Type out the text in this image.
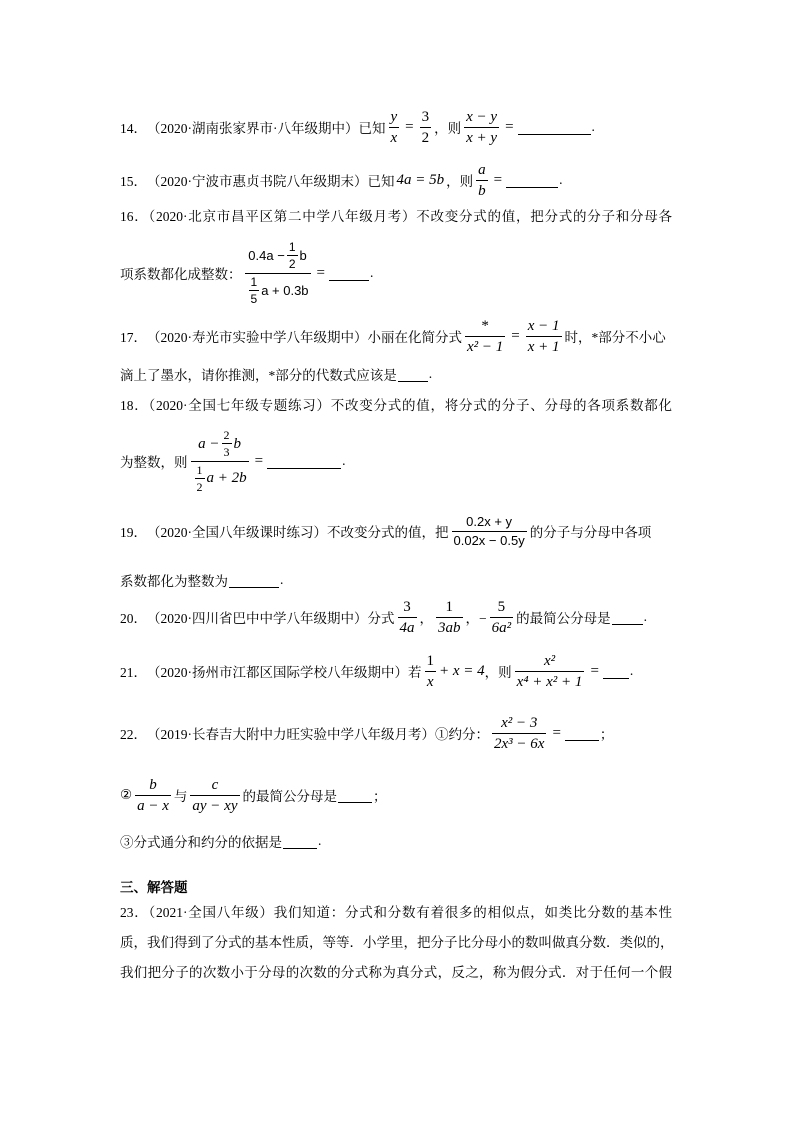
14． （2020·湖南张家界市·八年级期中） 已知 $\frac{y}{x} = \frac{3}{2}$ ，则 $\frac{x - y}{x + y}$ =	.
15． （2020·宁波市惠贞书院八年级期末） 已知 4a = 5b ，则 $\frac{a}{b}$ =	.
16．（2020·北京市昌平区第二中学八年级月考）不改变分式的值，把分式的分子和分母各
项系数都化成整数： $\frac{0.4a - \frac{1}{2} b}{\frac{1}{5} a + 0.3b}$ =	.
17． （2020·寿光市实验中学八年级期中） 小丽在化简分式 $\frac{*}{\text{x² − 1}} = \frac{x - 1}{x + 1}$ 时，*部分不小心
滴上了墨水，请你推测，*部分的代数式应该是 .
18．（2020·全国七年级专题练习）不改变分式的值，将分式的分子、分母的各项系数都化
为整数，则 $\frac{a - \frac{2}{3} b}{\frac{1}{2} a + 2b}$ =	.
19． （2020·全国八年级课时练习） 不改变分式的值，把 $\frac{0.2x + y}{0.02x - 0.5y}$ 的分子与分母中各项
系数都化为整数为	.
20． （2020·四川省巴中中学八年级期中） 分式 $\frac{3}{4a}$ ， $\frac{1}{3ab}$ ，− $\frac{5}{\text{6a²}}$ 的最简公分母是 .
21． （2020·扬州市江都区国际学校八年级期中） 若 $\frac{1}{x} + x = 4$ ，则 $\frac{\text{x²}}{\text{x⁴ + x² + 1}}$ = .
22． （2019·长春吉大附中力旺实验中学八年级月考） ①约分： $\frac{\text{x² − 3}}{\text{2x³ − 6x}}$ =	；
② $\frac{b}{a - x}$ 与 $\frac{c}{ay - xy}$ 的最简公分母是	；
③分式通分和约分的依据是	.
三、解答题
23．（2021·全国八年级）我们知道：分式和分数有着很多的相似点，如类比分数的基本性
质，我们得到了分式的基本性质，等等．小学里，把分子比分母小的数叫做真分数．类似的，
我们把分子的次数小于分母的次数的分式称为真分式，反之，称为假分式．对于任何一个假
